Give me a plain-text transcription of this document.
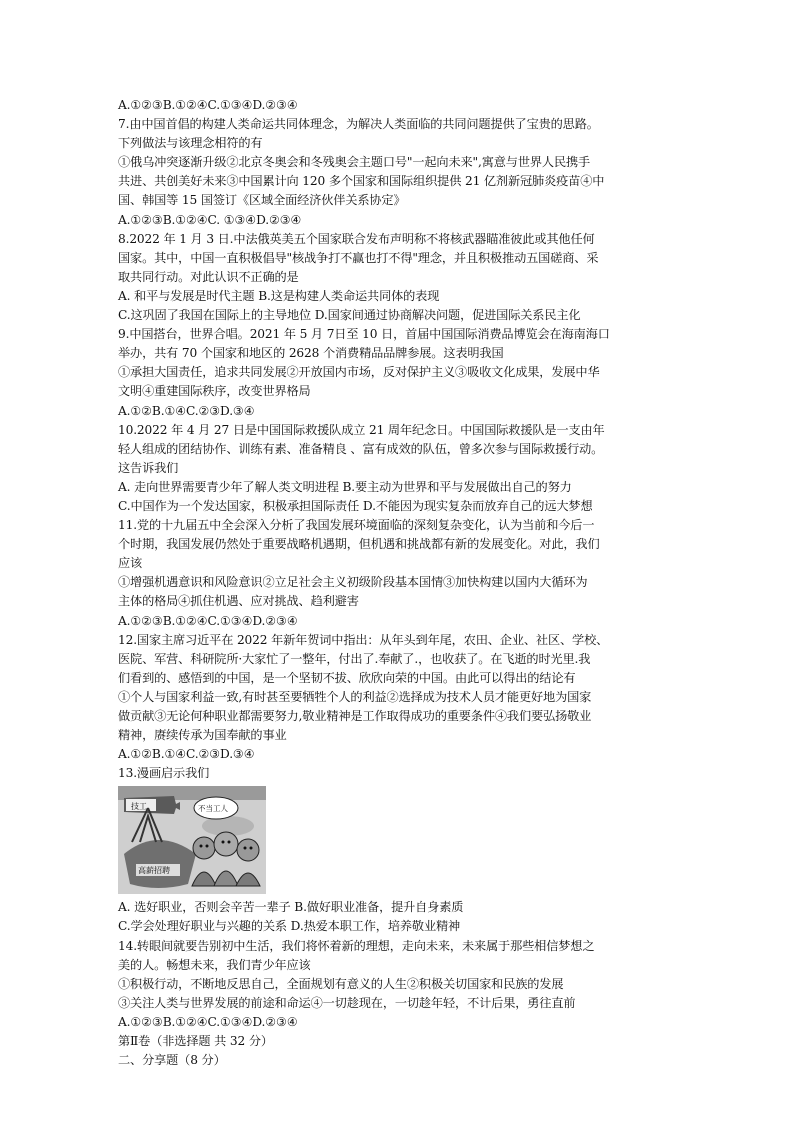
A.①②③B.①②④C.①③④D.②③④
7.由中国首倡的构建人类命运共同体理念，为解决人类面临的共同问题提供了宝贵的思路。
下列做法与该理念相符的有
①俄乌冲突逐渐升级②北京冬奥会和冬残奥会主题口号"一起向未来",寓意与世界人民携手
共进、共创美好未来③中国累计向 120 多个国家和国际组织提供 21 亿剂新冠肺炎疫苗④中
国、韩国等 15 国签订《区域全面经济伙伴关系协定》
A.①②③B.①②④C. ①③④D.②③④
8.2022 年 1 月 3 日.中法俄英美五个国家联合发布声明称不将核武器瞄准彼此或其他任何
国家。其中，中国一直积极倡导"核战争打不赢也打不得"理念，并且积极推动五国磋商、采
取共同行动。对此认识不正确的是
A. 和平与发展是时代主题 B.这是构建人类命运共同体的表现
C.这巩固了我国在国际上的主导地位 D.国家间通过协商解决问题，促进国际关系民主化
9.中国搭台，世界合唱。2021 年 5 月 7日至 10 日，首届中国国际消费品博览会在海南海口
举办，共有 70 个国家和地区的 2628 个消费精品品牌参展。这表明我国
①承担大国责任，追求共同发展②开放国内市场，反对保护主义③吸收文化成果，发展中华
文明④重建国际秩序，改变世界格局
A.①②B.①④C.②③D.③④
10.2022 年 4 月 27 日是中国国际救援队成立 21 周年纪念日。中国国际救援队是一支由年
轻人组成的团结协作、训练有素、准备精良 、富有成效的队伍，曾多次参与国际救援行动。
这告诉我们
A. 走向世界需要青少年了解人类文明进程 B.要主动为世界和平与发展做出自己的努力
C.中国作为一个发达国家，积极承担国际责任 D.不能因为现实复杂而放弃自己的远大梦想
11.党的十九届五中全会深入分析了我国发展环境面临的深刻复杂变化，认为当前和今后一
个时期，我国发展仍然处于重要战略机遇期，但机遇和挑战都有新的发展变化。对此，我们
应该
①增强机遇意识和风险意识②立足社会主义初级阶段基本国情③加快构建以国内大循环为
主体的格局④抓住机遇、应对挑战、趋利避害
A.①②③B.①②④C.①③④D.②③④
12.国家主席习近平在 2022 年新年贺词中指出：从年头到年尾，农田、企业、社区、学校、
医院、军营、科研院所·大家忙了一整年，付出了.奉献了.，也收获了。在飞逝的时光里.我
们看到的、感悟到的中国，是一个坚韧不拔、欣欣向荣的中国。由此可以得出的结论有
①个人与国家利益一致,有时甚至要牺牲个人的利益②选择成为技术人员才能更好地为国家
做贡献③无论何种职业都需要努力,敬业精神是工作取得成功的重要条件④我们要弘扬敬业
精神，赓续传承为国奉献的事业
A.①②B.①④C.②③D.③④
13.漫画启示我们
技工
高薪招聘
不当工人
A. 选好职业，否则会辛苦一辈子 B.做好职业准备，提升自身素质
C.学会处理好职业与兴趣的关系 D.热爱本职工作，培养敬业精神
14.转眼间就要告别初中生活，我们将怀着新的理想，走向未来，未来属于那些相信梦想之
美的人。畅想未来，我们青少年应该
①积极行动，不断地反思自己，全面规划有意义的人生②积极关切国家和民族的发展
③关注人类与世界发展的前途和命运④一切趁现在，一切趁年轻，不计后果，勇往直前
A.①②③B.①②④C.①③④D.②③④
第Ⅱ卷（非选择题 共 32 分）
二、分享题（8 分）
